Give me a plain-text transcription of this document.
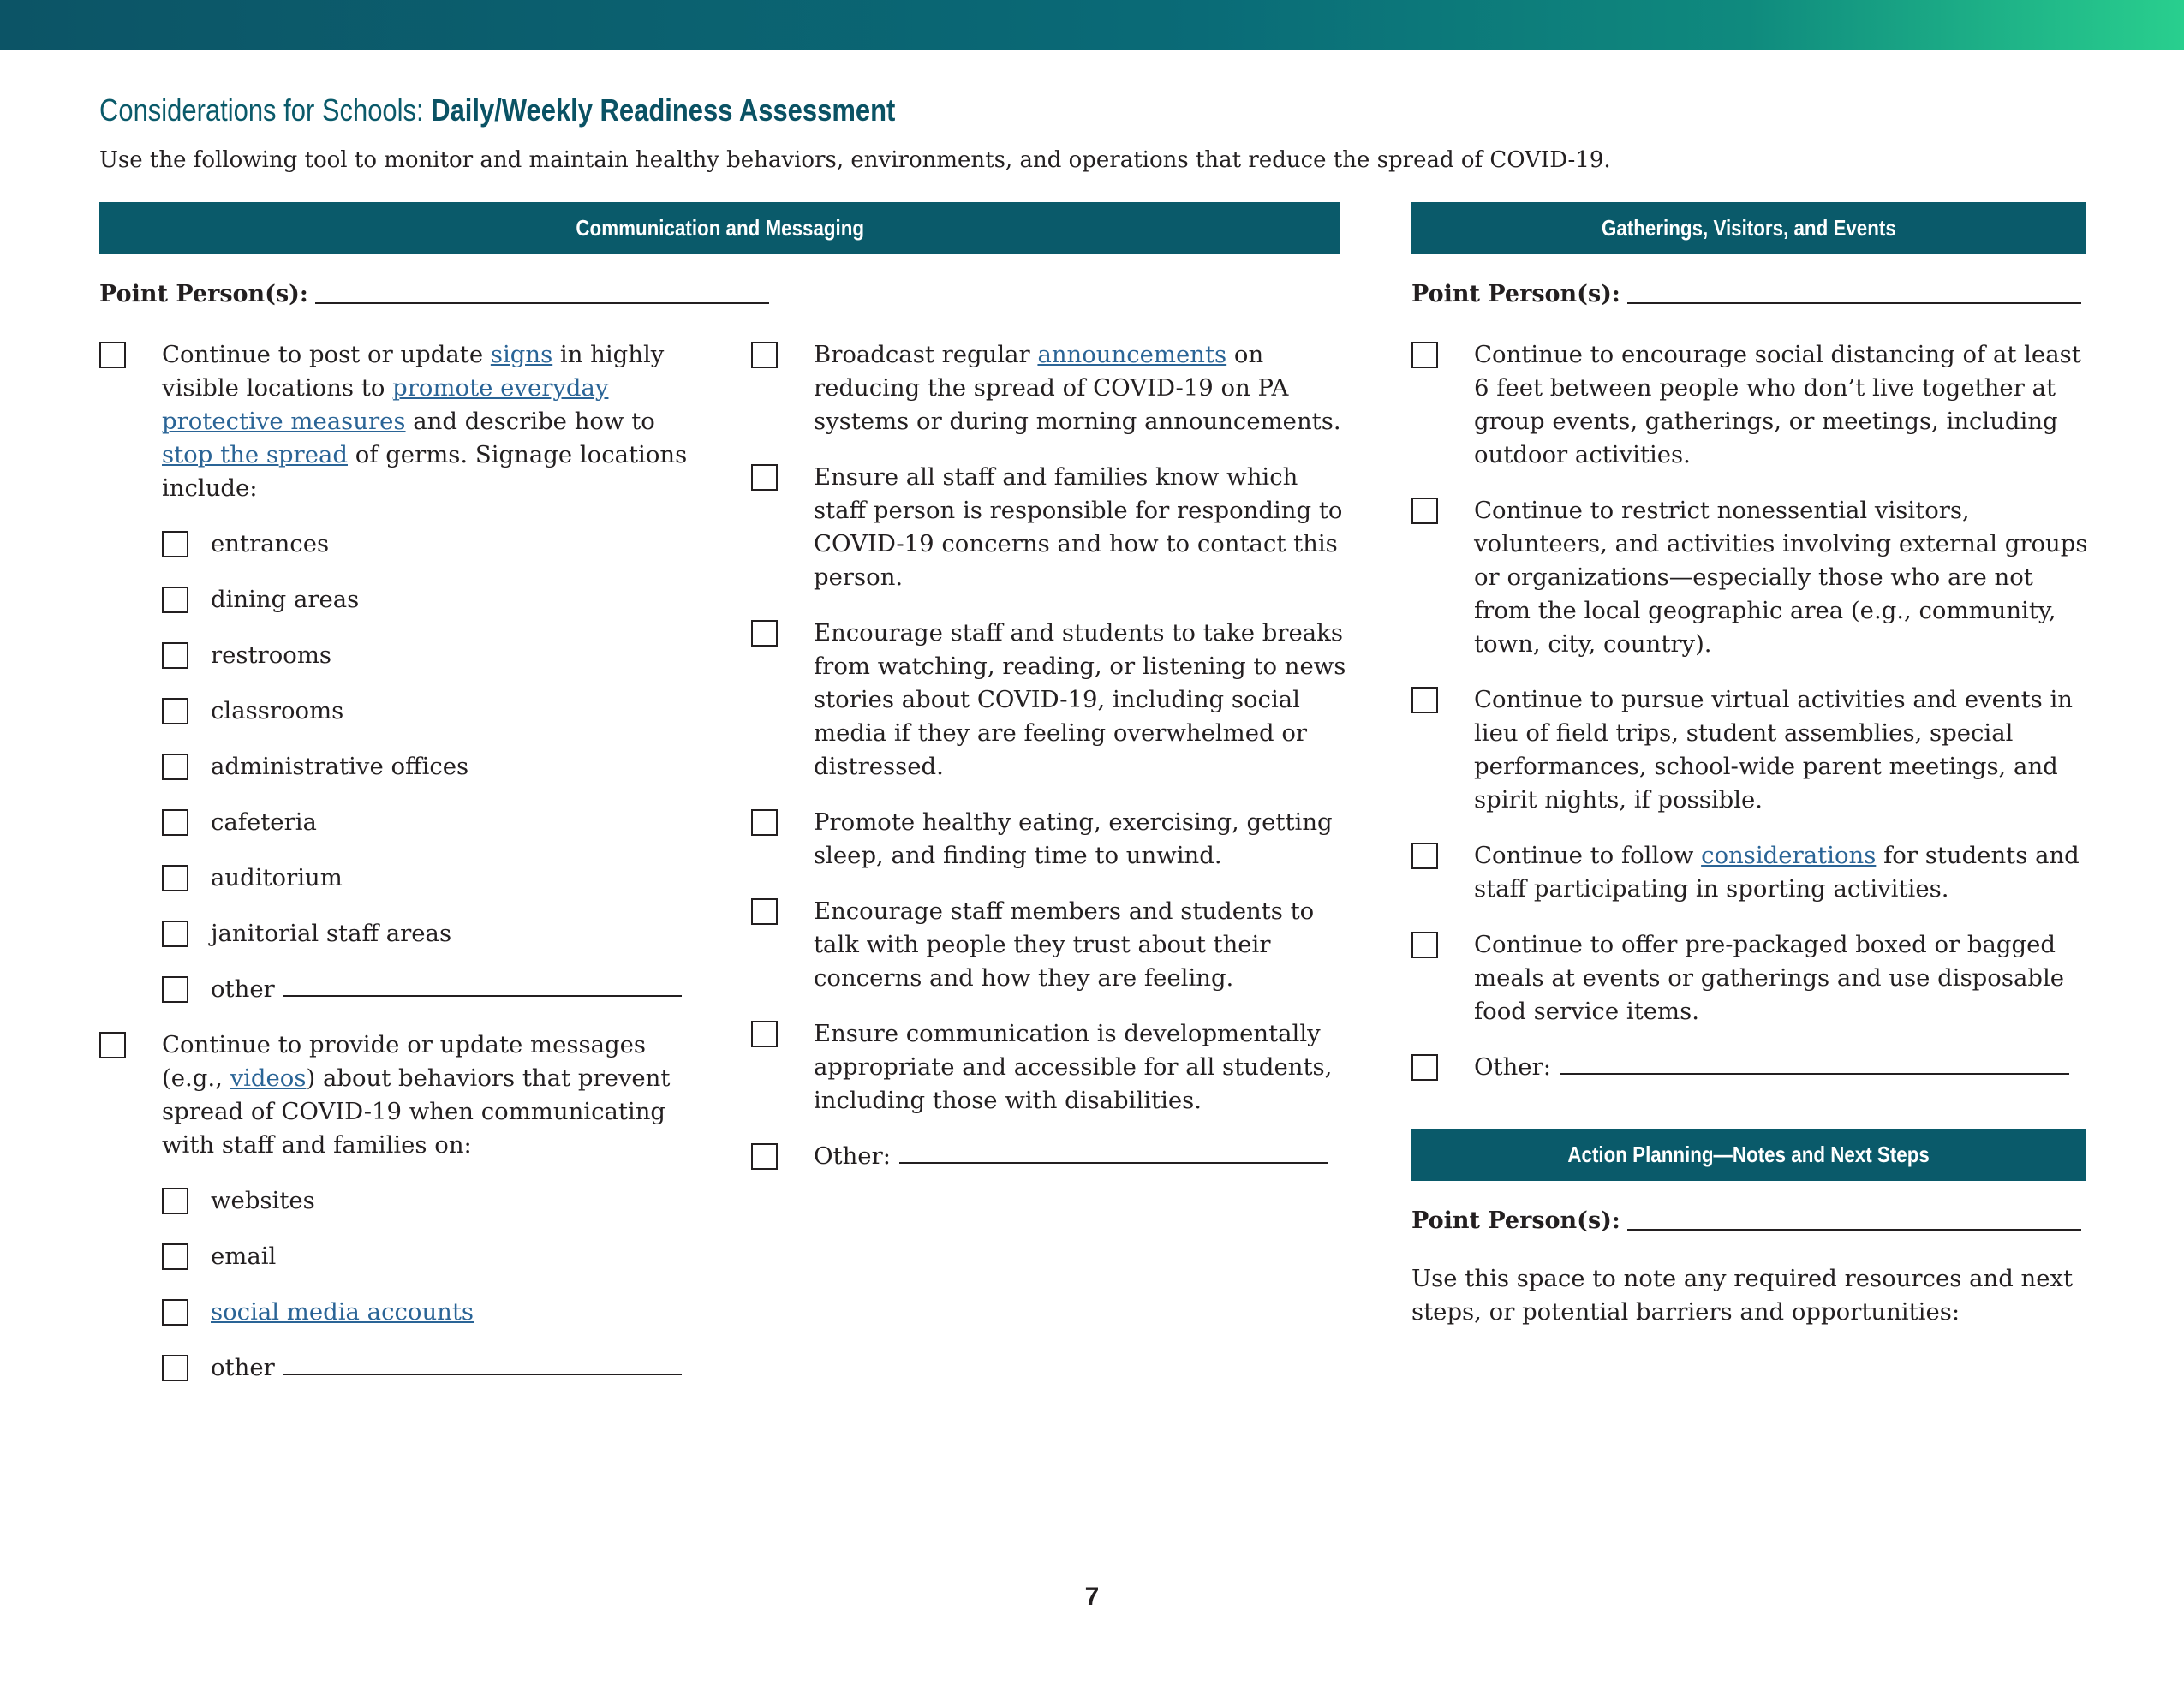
Considerations for Schools: Daily/Weekly Readiness Assessment
Use the following tool to monitor and maintain healthy behaviors, environments, and operations that reduce the spread of COVID-19.
Communication and Messaging	Gatherings, Visitors, and Events
Action Planning—Notes and Next Steps
Point Person(s):	Point Person(s):
Point Person(s):
Continue to post or update signs in highly visible locations to promote everyday protective measures and describe how to stop the spread of germs. Signage locations include:
entrances
dining areas
restrooms
classrooms
administrative offices
cafeteria
auditorium
janitorial staff areas
other
Continue to provide or update messages (e.g., videos) about behaviors that prevent spread of COVID-19 when communicating with staff and families on:
websites
email
social media accounts
other
Broadcast regular announcements on reducing the spread of COVID-19 on PA systems or during morning announcements.
Ensure all staff and families know which staff person is responsible for responding to COVID-19 concerns and how to contact this person.
Encourage staff and students to take breaks from watching, reading, or listening to news stories about COVID-19, including social media if they are feeling overwhelmed or distressed.
Promote healthy eating, exercising, getting sleep, and finding time to unwind.
Encourage staff members and students to talk with people they trust about their concerns and how they are feeling.
Ensure communication is developmentally appropriate and accessible for all students, including those with disabilities.
Other:
Continue to encourage social distancing of at least 6 feet between people who don’t live together at group events, gatherings, or meetings, including outdoor activities.
Continue to restrict nonessential visitors, volunteers, and activities involving external groups or organizations—especially those who are not from the local geographic area (e.g., community, town, city, country).
Continue to pursue virtual activities and events in lieu of field trips, student assemblies, special performances, school-wide parent meetings, and spirit nights, if possible.
Continue to follow considerations for students and staff participating in sporting activities.
Continue to offer pre-packaged boxed or bagged meals at events or gatherings and use disposable food service items.
Other:
Use this space to note any required resources and next steps, or potential barriers and opportunities:
7
